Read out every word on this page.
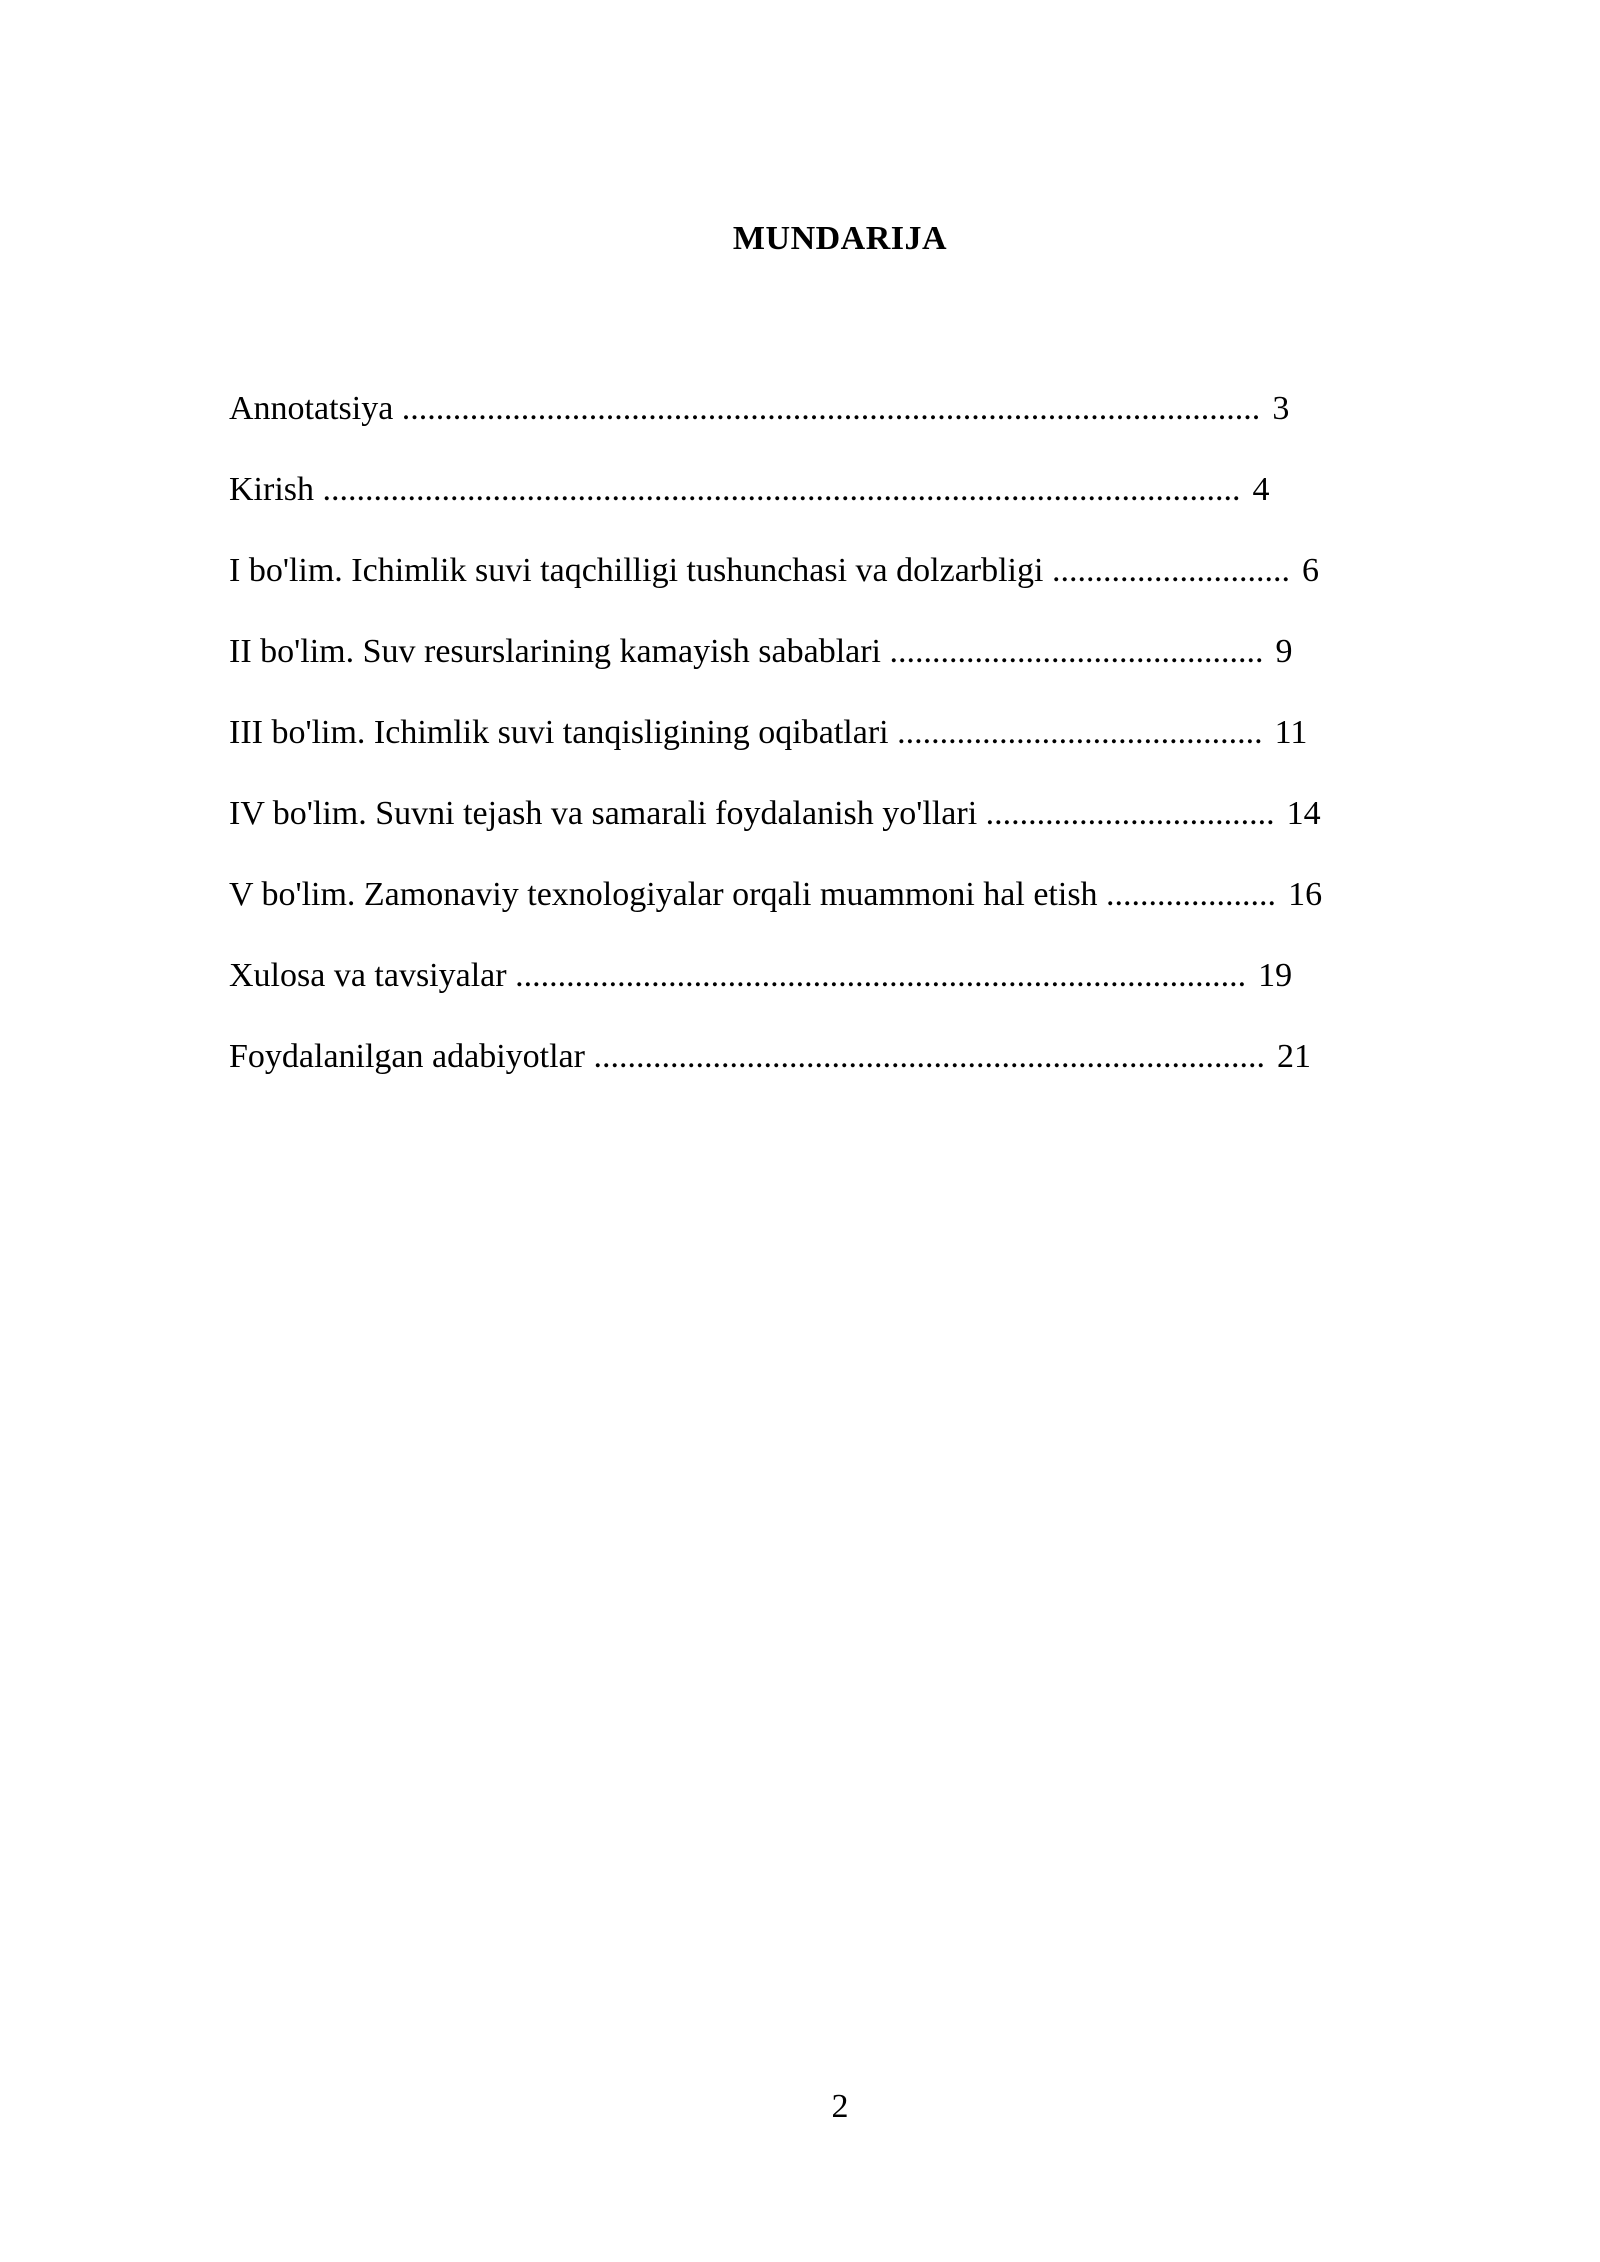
MUNDARIJA
Annotatsiya ..................................................................................................... 3
Kirish ............................................................................................................ 4
I bo'lim. Ichimlik suvi taqchilligi tushunchasi va dolzarbligi ............................ 6
II bo'lim. Suv resurslarining kamayish sabablari ............................................ 9
III bo'lim. Ichimlik suvi tanqisligining oqibatlari ........................................... 11
IV bo'lim. Suvni tejash va samarali foydalanish yo'llari .................................. 14
V bo'lim. Zamonaviy texnologiyalar orqali muammoni hal etish .................... 16
Xulosa va tavsiyalar ...................................................................................... 19
Foydalanilgan adabiyotlar ............................................................................... 21
2
